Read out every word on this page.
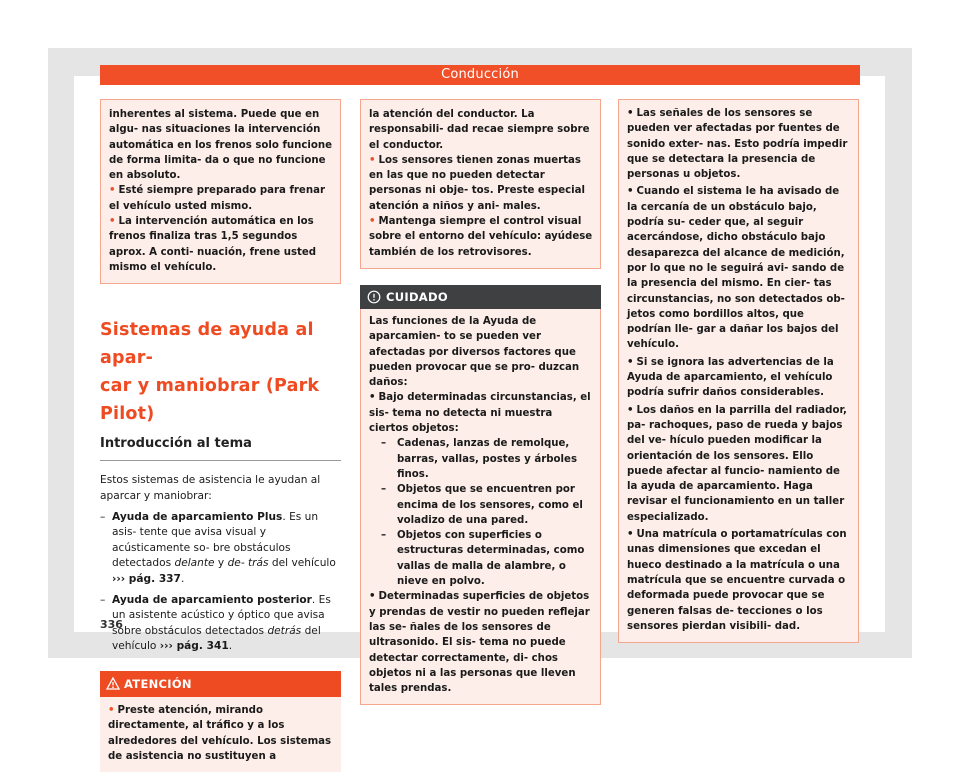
Conducción

inherentes al sistema. Puede que en algu- nas situaciones la intervención automática en los frenos solo funcione de forma limita- da o que no funcione en absoluto.

• Esté siempre preparado para frenar el vehículo usted mismo.

• La intervención automática en los frenos finaliza tras 1,5 segundos aprox. A conti- nuación, frene usted mismo el vehículo.

Sistemas de ayuda al apar-
car y maniobrar (Park Pilot)
Introducción al tema

Estos sistemas de asistencia le ayudan al aparcar y maniobrar:

– Ayuda de aparcamiento Plus. Es un asis- tente que avisa visual y acústicamente so- bre obstáculos detectados delante y de- trás del vehículo ››› pág. 337.
– Ayuda de aparcamiento posterior. Es un asistente acústico y óptico que avisa sobre obstáculos detectados detrás del vehículo ››› pág. 341.
ATENCIÓN

• Preste atención, mirando directamente, al tráfico y a los alrededores del vehículo. Los sistemas de asistencia no sustituyen a

la atención del conductor. La responsabili- dad recae siempre sobre el conductor.

• Los sensores tienen zonas muertas en las que no pueden detectar personas ni obje- tos. Preste especial atención a niños y ani- males.

• Mantenga siempre el control visual sobre el entorno del vehículo: ayúdese también de los retrovisores.

CUIDADO

Las funciones de la Ayuda de aparcamien- to se pueden ver afectadas por diversos factores que pueden provocar que se pro- duzcan daños:

• Bajo determinadas circunstancias, el sis- tema no detecta ni muestra ciertos objetos:

– Cadenas, lanzas de remolque, barras, vallas, postes y árboles finos.
– Objetos que se encuentren por encima de los sensores, como el voladizo de una pared.
– Objetos con superficies o estructuras determinadas, como vallas de malla de alambre, o nieve en polvo.

• Determinadas superficies de objetos y prendas de vestir no pueden reflejar las se- ñales de los sensores de ultrasonido. El sis- tema no puede detectar correctamente, di- chos objetos ni a las personas que lleven tales prendas.

• Las señales de los sensores se pueden ver afectadas por fuentes de sonido exter- nas. Esto podría impedir que se detectara la presencia de personas u objetos.

• Cuando el sistema le ha avisado de la cercanía de un obstáculo bajo, podría su- ceder que, al seguir acercándose, dicho obstáculo bajo desaparezca del alcance de medición, por lo que no le seguirá avi- sando de la presencia del mismo. En cier- tas circunstancias, no son detectados ob- jetos como bordillos altos, que podrían lle- gar a dañar los bajos del vehículo.

• Si se ignora las advertencias de la Ayuda de aparcamiento, el vehículo podría sufrir daños considerables.

• Los daños en la parrilla del radiador, pa- rachoques, paso de rueda y bajos del ve- hículo pueden modificar la orientación de los sensores. Ello puede afectar al funcio- namiento de la ayuda de aparcamiento. Haga revisar el funcionamiento en un taller especializado.

• Una matrícula o portamatrículas con unas dimensiones que excedan el hueco destinado a la matrícula o una matrícula que se encuentre curvada o deformada puede provocar que se generen falsas de- tecciones o los sensores pierdan visibili- dad.

336
